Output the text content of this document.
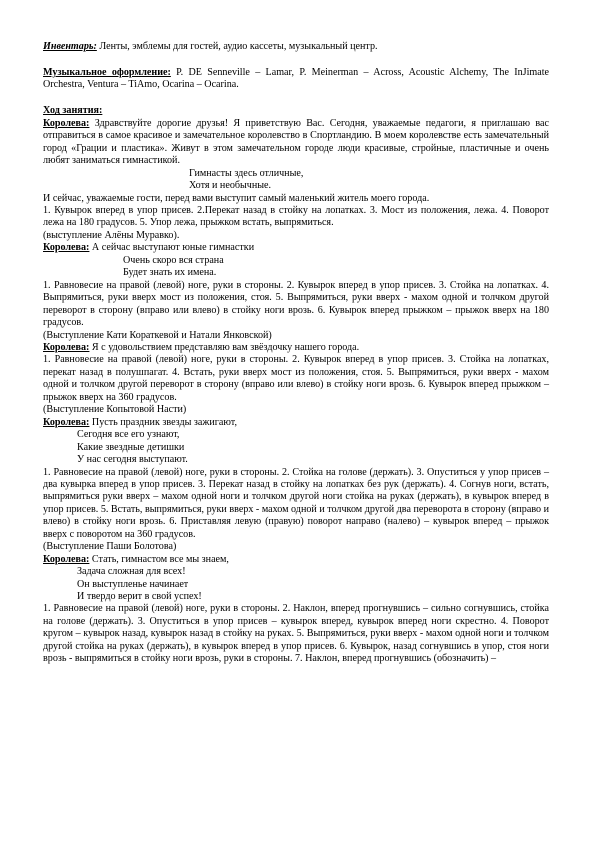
Инвентарь: Ленты, эмблемы для гостей, аудио кассеты, музыкальный центр.

Музыкальное оформление: P. DE Senneville – Lamar, P. Meinerman – Across, Acoustic Alchemy, The InJimate Orchestra, Ventura – TiAmo, Ocarina – Ocarina.

Ход занятия:

Королева: Здравствуйте дорогие друзья! Я приветствую Вас. Сегодня, уважаемые педагоги, я приглашаю вас отправиться в самое красивое и замечательное королевство в Спортландию. В моем королевстве есть замечательный город «Грации и пластика». Живут в этом замечательном городе люди красивые, стройные, пластичные и очень любят заниматься гимнастикой.

Гимнасты здесь отличные,

Хотя и необычные.

И сейчас, уважаемые гости, перед вами выступит самый маленький житель моего города.

1. Кувырок вперед в упор присев. 2.Перекат назад в стойку на лопатках. 3. Мост из положения, лежа. 4. Поворот лежа на 180 градусов. 5. Упор лежа, прыжком встать, выпрямиться.

(выступление Алёны Муравко).

Королева: А сейчас выступают юные гимнастки

Очень скоро вся страна

Будет знать их имена.

1. Равновесие на правой (левой) ноге, руки в стороны. 2. Кувырок вперед в упор присев. 3. Стойка на лопатках. 4. Выпрямиться, руки вверх мост из положения, стоя. 5. Выпрямиться, руки вверх - махом одной и толчком другой переворот в сторону (вправо или влево) в стойку ноги врозь. 6. Кувырок вперед прыжком – прыжок вверх на 180 градусов.

(Выступление Кати Кораткевой и Натали Янковской)

Королева: Я с удовольствием представляю вам звёздочку нашего города.

1. Равновесие на правой (левой) ноге, руки в стороны. 2. Кувырок вперед в упор присев. 3. Стойка на лопатках, перекат назад в полушпагат. 4. Встать, руки вверх мост из положения, стоя. 5. Выпрямиться, руки вверх - махом одной и толчком другой переворот в сторону (вправо или влево) в стойку ноги врозь. 6. Кувырок вперед прыжком – прыжок вверх на 360 градусов.

(Выступление Копытовой Насти)

Королева: Пусть праздник звезды зажигают,

Сегодня все его узнают,

Какие звездные детишки

У нас сегодня выступают.

1. Равновесие на правой (левой) ноге, руки в стороны. 2. Стойка на голове (держать). 3. Опуститься у упор присев – два кувырка вперед в упор присев. 3. Перекат назад в стойку на лопатках без рук (держать). 4. Согнув ноги, встать, выпрямиться руки вверх – махом одной ноги и толчком другой ноги стойка на руках (держать), в кувырок вперед в упор присев. 5. Встать, выпрямиться, руки вверх - махом одной и толчком другой два переворота в сторону (вправо и влево) в стойку ноги врозь. 6. Приставляя левую (правую) поворот направо (налево) – кувырок вперед – прыжок вверх с поворотом на 360 градусов.

(Выступление Паши Болотова)

Королева: Стать, гимнастом все мы знаем,

Задача сложная для всех!

Он выступленье начинает

И твердо верит в свой успех!

1. Равновесие на правой (левой) ноге, руки в стороны. 2. Наклон, вперед прогнувшись – сильно согнувшись, стойка на голове (держать). 3. Опуститься в упор присев – кувырок вперед, кувырок вперед ноги скрестно. 4. Поворот кругом – кувырок назад, кувырок назад в стойку на руках. 5. Выпрямиться, руки вверх - махом одной ноги и толчком другой стойка на руках (держать), в кувырок вперед в упор присев. 6. Кувырок, назад согнувшись в упор, стоя ноги врозь - выпрямиться в стойку ноги врозь, руки в стороны. 7. Наклон, вперед прогнувшись (обозначить) –
